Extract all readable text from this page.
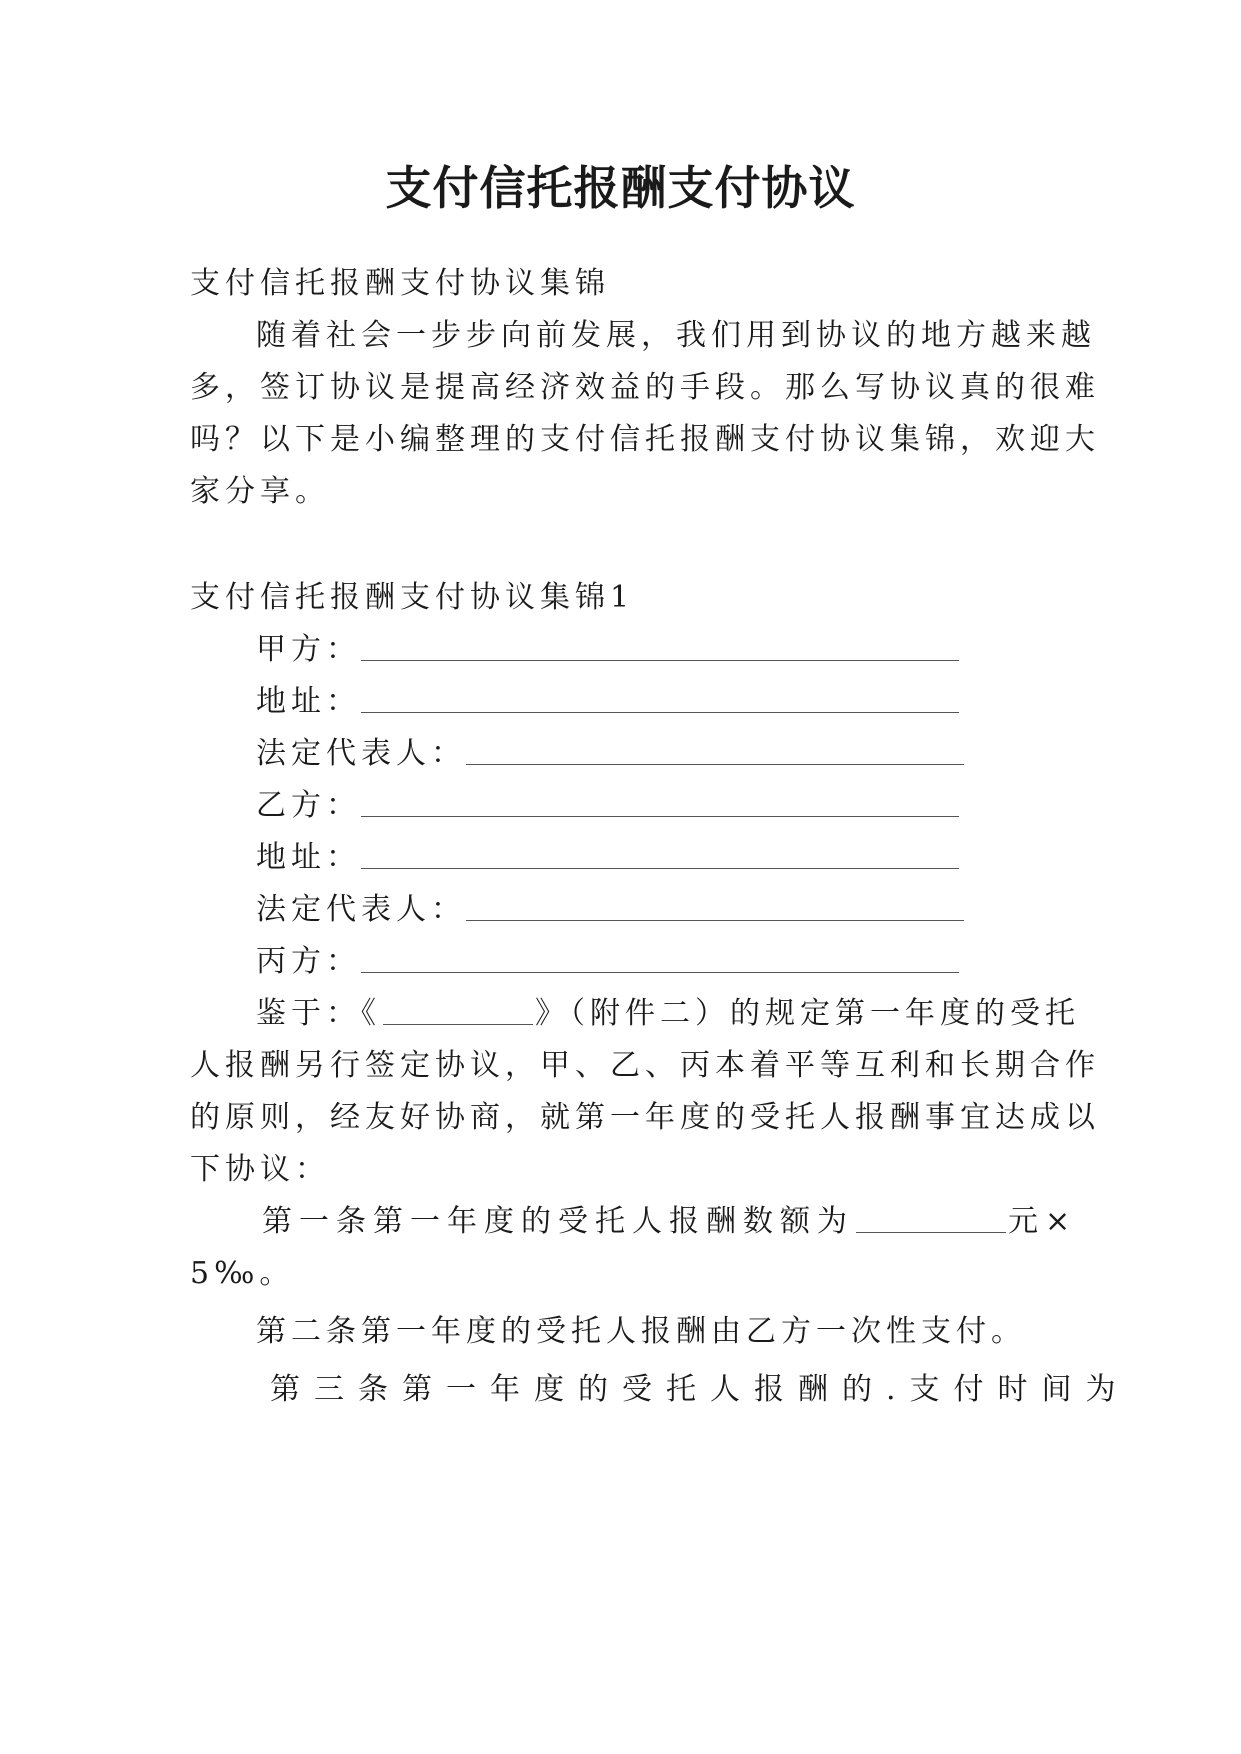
支付信托报酬支付协议
支付信托报酬支付协议集锦
随着社会一步步向前发展，我们用到协议的地方越来越
多，签订协议是提高经济效益的手段。那么写协议真的很难
吗？以下是小编整理的支付信托报酬支付协议集锦，欢迎大
家分享。
支付信托报酬支付协议集锦1
甲方：
地址：
法定代表人：
乙方：
地址：
法定代表人：
丙方：
鉴于：《	》（附件二）的规定第一年度的受托
人报酬另行签定协议，甲、乙、丙本着平等互利和长期合作
的原则，经友好协商，就第一年度的受托人报酬事宜达成以
下协议：
第一条第一年度的受托人报酬数额为	元×
5‰。
第二条第一年度的受托人报酬由乙方一次性支付。
第三条第一年度的受托人报酬的.支付时间为
